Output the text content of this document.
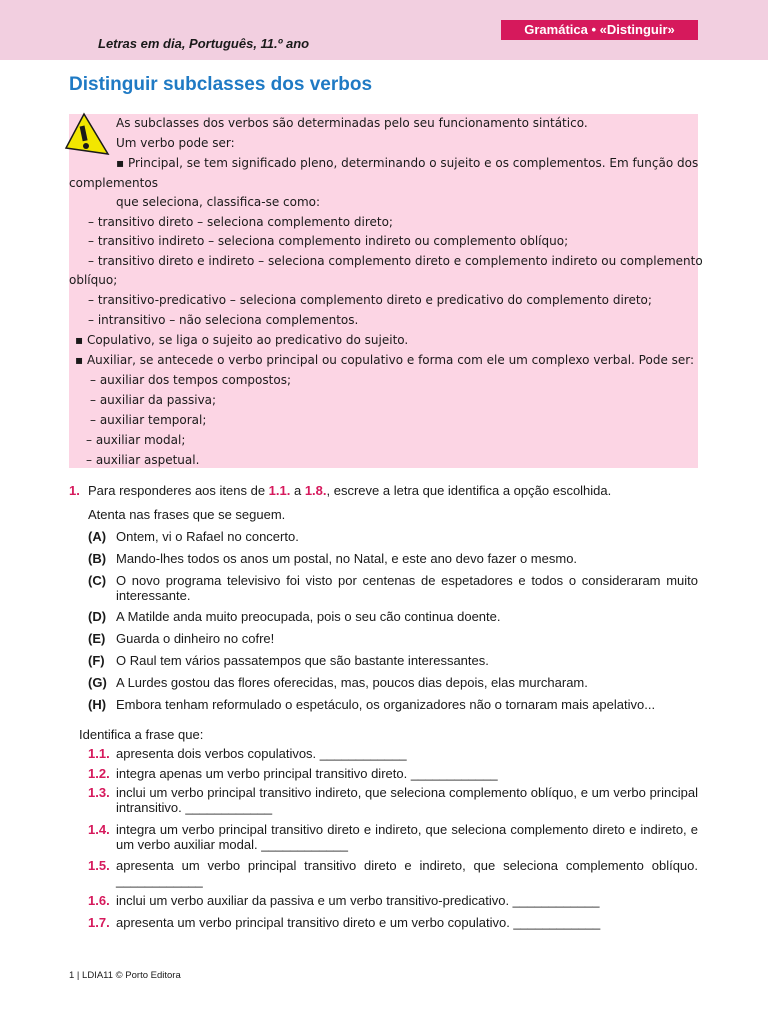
Letras em dia, Português, 11.º ano
Gramática • «Distinguir»
Distinguir subclasses dos verbos
As subclasses dos verbos são determinadas pelo seu funcionamento sintático.
Um verbo pode ser:
▪ Principal, se tem significado pleno, determinando o sujeito e os complementos. Em função dos
complementos
que seleciona, classifica-se como:
– transitivo direto – seleciona complemento direto;
– transitivo indireto – seleciona complemento indireto ou complemento oblíquo;
– transitivo direto e indireto – seleciona complemento direto e complemento indireto ou complemento
oblíquo;
– transitivo-predicativo – seleciona complemento direto e predicativo do complemento direto;
– intransitivo – não seleciona complementos.
▪ Copulativo, se liga o sujeito ao predicativo do sujeito.
▪ Auxiliar, se antecede o verbo principal ou copulativo e forma com ele um complexo verbal. Pode ser:
– auxiliar dos tempos compostos;
– auxiliar da passiva;
– auxiliar temporal;
– auxiliar modal;
– auxiliar aspetual.
1. Para responderes aos itens de 1.1. a 1.8., escreve a letra que identifica a opção escolhida.
Atenta nas frases que se seguem.
(A) Ontem, vi o Rafael no concerto.
(B) Mando-lhes todos os anos um postal, no Natal, e este ano devo fazer o mesmo.
(C) O novo programa televisivo foi visto por centenas de espetadores e todos o consideraram muito interessante.
(D) A Matilde anda muito preocupada, pois o seu cão continua doente.
(E) Guarda o dinheiro no cofre!
(F) O Raul tem vários passatempos que são bastante interessantes.
(G) A Lurdes gostou das flores oferecidas, mas, poucos dias depois, elas murcharam.
(H) Embora tenham reformulado o espetáculo, os organizadores não o tornaram mais apelativo...
Identifica a frase que:
1.1. apresenta dois verbos copulativos. ____________
1.2. integra apenas um verbo principal transitivo direto. ____________
1.3. inclui um verbo principal transitivo indireto, que seleciona complemento oblíquo, e um verbo principal intransitivo. ____________
1.4. integra um verbo principal transitivo direto e indireto, que seleciona complemento direto e indireto, e um verbo auxiliar modal. ____________
1.5. apresenta um verbo principal transitivo direto e indireto, que seleciona complemento oblíquo. ____________
1.6. inclui um verbo auxiliar da passiva e um verbo transitivo-predicativo. ____________
1.7. apresenta um verbo principal transitivo direto e um verbo copulativo. ____________
1 | LDIA11 © Porto Editora
